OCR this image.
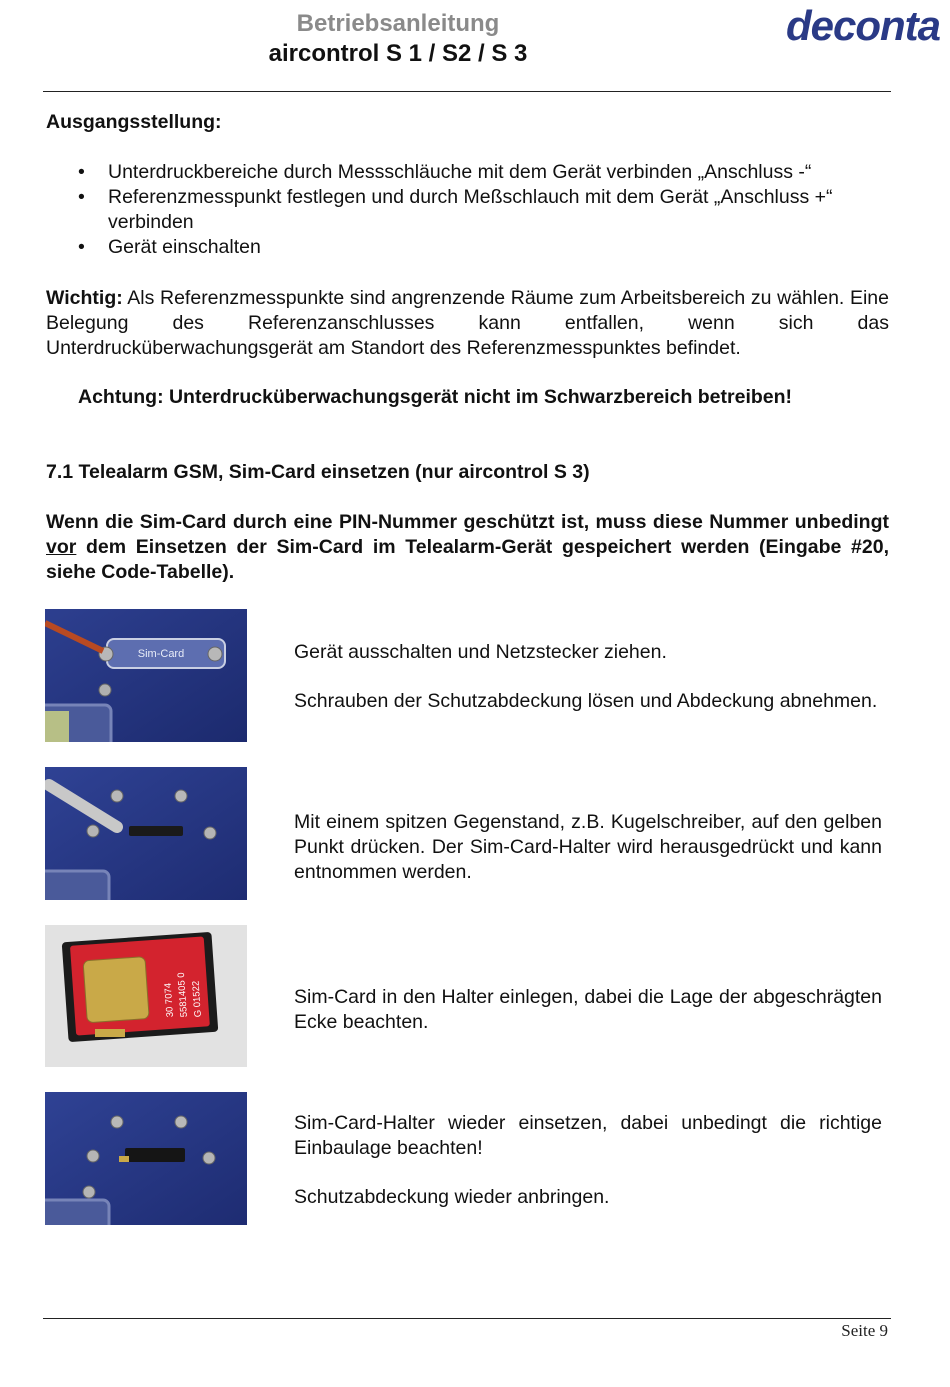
Betriebsanleitung
aircontrol S 1 / S2 / S 3
deconta
Ausgangsstellung:
• Unterdruckbereiche durch Messschläuche mit dem Gerät verbinden „Anschluss -“
• Referenzmesspunkt festlegen und durch Meßschlauch mit dem Gerät „Anschluss +“ verbinden
• Gerät einschalten
Wichtig: Als Referenzmesspunkte sind angrenzende Räume zum Arbeitsbereich zu wählen. Eine Belegung des Referenzanschlusses kann entfallen, wenn sich das Unterdrucküberwachungsgerät am Standort des Referenzmesspunktes befindet.
Achtung: Unterdrucküberwachungsgerät nicht im Schwarzbereich betreiben!
7.1 Telealarm GSM, Sim-Card einsetzen (nur aircontrol S 3)
Wenn die Sim-Card durch eine PIN-Nummer geschützt ist, muss diese Nummer unbedingt vor dem Einsetzen der Sim-Card im Telealarm-Gerät gespeichert werden (Eingabe #20, siehe Code-Tabelle).
Sim-Card	Gerät ausschalten und Netzstecker ziehen.

Schrauben der Schutzabdeckung lösen und Abdeckung abnehmen.

Mit einem spitzen Gegenstand, z.B. Kugelschreiber, auf den gelben Punkt drücken. Der Sim-Card-Halter wird herausgedrückt und kann entnommen werden.

30 7074 5581405 0 G 01522	Sim-Card in den Halter einlegen, dabei die Lage der abgeschrägten Ecke beachten.

Sim-Card-Halter wieder einsetzen, dabei unbedingt die richtige Einbaulage beachten!

Schutzabdeckung wieder anbringen.

Seite 9
